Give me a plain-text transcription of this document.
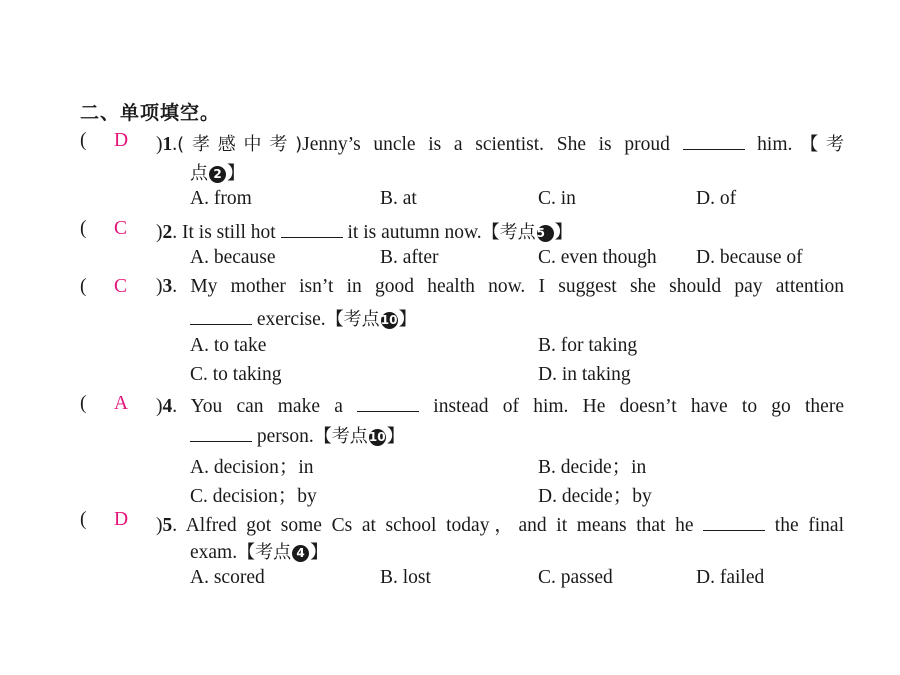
二、单项填空。
( D )1.(孝感中考)Jenny’s uncle is a scientist. She is proud	him.【考
点 2 】
A. from	B. at	C. in	D. of
( C )2. It is still hot	it is autumn now.【考点5 】
A. because	B. after	C. even though D. because of
( C )3. My mother isn’t in good health now. I suggest she should pay attention
exercise.【考点10】
A. to take	B. for taking
C. to taking	D. in taking
( A )4. You can make a	instead of him. He doesn’t have to go there
person.【考点10】
A. decision；in	B. decide；in
C. decision；by	D. decide；by
( D )5. Alfred got some Cs at school today，and it means that he	the final
exam.【考点 4 】
A. scored	B. lost	C. passed	D. failed
